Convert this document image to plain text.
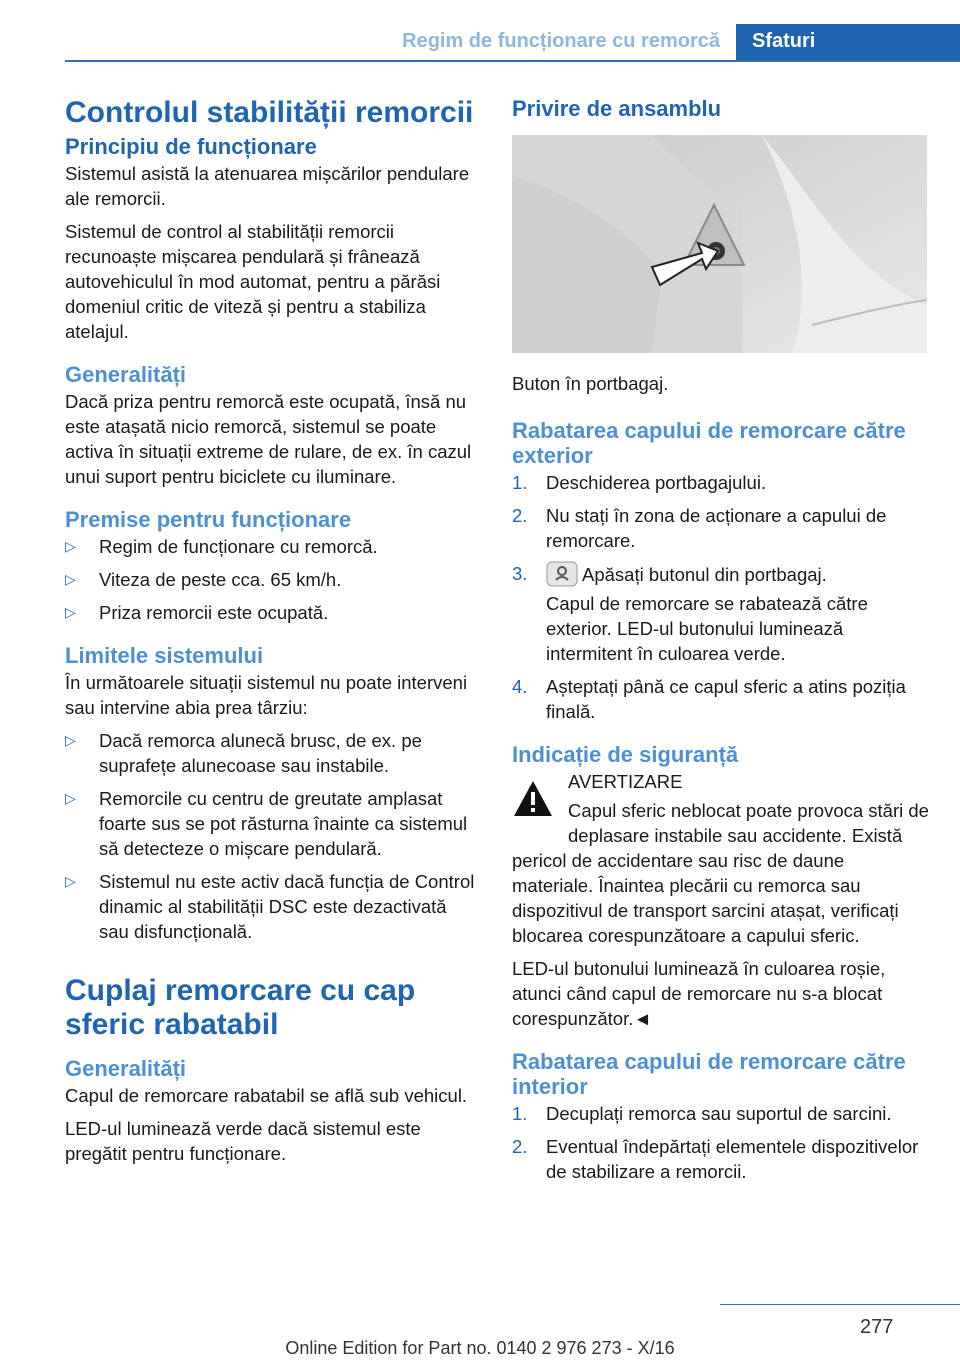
Regim de funcționare cu remorcă Sfaturi
Controlul stabilității remorcii
Principiu de funcționare

Sistemul asistă la atenuarea mișcărilor pendulare ale remorcii.

Sistemul de control al stabilității remorcii recunoaște mișcarea pendulară și frânează autovehiculul în mod automat, pentru a părăsi domeniul critic de viteză și pentru a stabiliza atelajul.

Generalități

Dacă priza pentru remorcă este ocupată, însă nu este atașată nicio remorcă, sistemul se poate activa în situații extreme de rulare, de ex. în cazul unui suport pentru biciclete cu iluminare.

Premise pentru funcționare
▷ Regim de funcționare cu remorcă.
▷ Viteza de peste cca. 65 km/h.
▷ Priza remorcii este ocupată.
Limitele sistemului

În următoarele situații sistemul nu poate interveni sau intervine abia prea târziu:

▷ Dacă remorca alunecă brusc, de ex. pe suprafețe alunecoase sau instabile.
▷ Remorcile cu centru de greutate amplasat foarte sus se pot răsturna înainte ca sistemul să detecteze o mișcare pendulară.
▷ Sistemul nu este activ dacă funcția de Control dinamic al stabilității DSC este dezactivată sau disfuncțională.
Cuplaj remorcare cu cap sferic rabatabil
Generalități

Capul de remorcare rabatabil se află sub vehicul.

LED-ul luminează verde dacă sistemul este pregătit pentru funcționare.

Privire de ansamblu

Buton în portbagaj.

Rabatarea capului de remorcare către exterior
1. Deschiderea portbagajului.
2. Nu stați în zona de acționare a capului de remorcare.
3.	Apăsați butonul din portbagaj.

Capul de remorcare se rabatează către exterior. LED-ul butonului luminează intermitent în culoarea verde.

4. Așteptați până ce capul sferic a atins poziția finală.
Indicație de siguranță

AVERTIZARE

Capul sferic neblocat poate provoca stări de deplasare instabile sau accidente. Există pericol de accidentare sau risc de daune materiale. Înaintea plecării cu remorca sau dispozitivul de transport sarcini atașat, verificați blocarea corespunzătoare a capului sferic.

LED-ul butonului luminează în culoarea roșie, atunci când capul de remorcare nu s-a blocat corespunzător.◄

Rabatarea capului de remorcare către interior
1. Decuplați remorca sau suportul de sarcini.
2. Eventual îndepărtați elementele dispozitivelor de stabilizare a remorcii.
277
Online Edition for Part no. 0140 2 976 273 - X/16
